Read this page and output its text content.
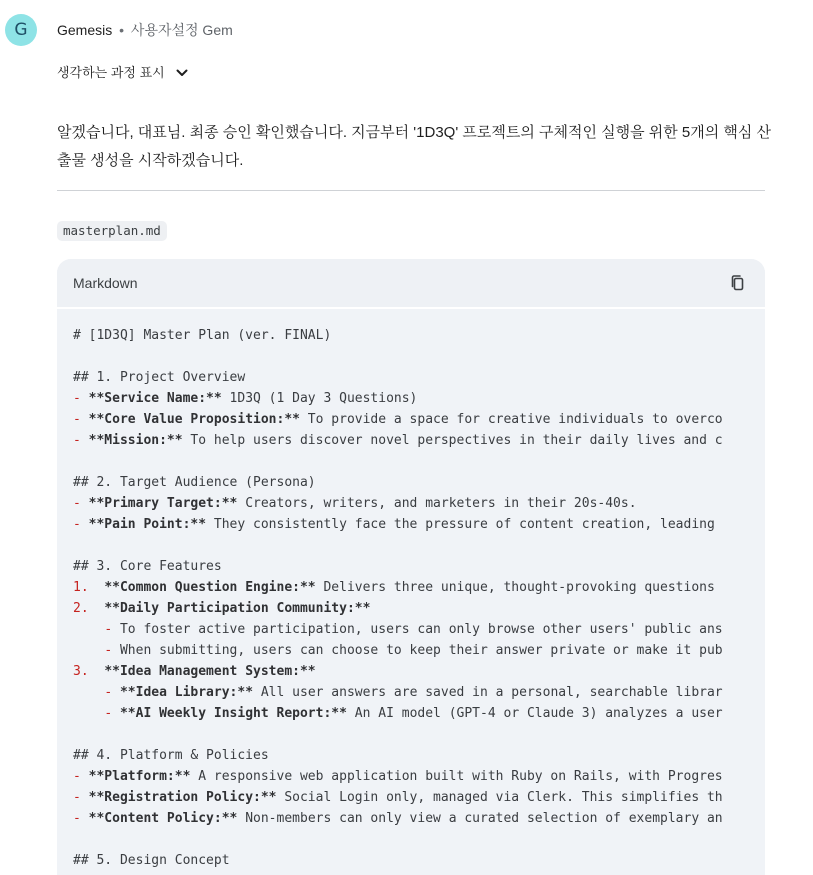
G Gemesis • 사용자설정 Gem
생각하는 과정 표시
알겠습니다, 대표님. 최종 승인 확인했습니다. 지금부터 '1D3Q' 프로젝트의 구체적인 실행을 위한 5개의 핵심 산출물 생성을 시작하겠습니다.
masterplan.md
Markdown
# [1D3Q] Master Plan (ver. FINAL)

## 1. Project Overview
- **Service Name:** 1D3Q (1 Day 3 Questions)
- **Core Value Proposition:** To provide a space for creative individuals to overco
- **Mission:** To help users discover novel perspectives in their daily lives and c

## 2. Target Audience (Persona)
- **Primary Target:** Creators, writers, and marketers in their 20s-40s.
- **Pain Point:** They consistently face the pressure of content creation, leading

## 3. Core Features
1.  **Common Question Engine:** Delivers three unique, thought-provoking questions
2.  **Daily Participation Community:**
- To foster active participation, users can only browse other users' public ans
- When submitting, users can choose to keep their answer private or make it pub
3.  **Idea Management System:**
- **Idea Library:** All user answers are saved in a personal, searchable librar
- **AI Weekly Insight Report:** An AI model (GPT-4 or Claude 3) analyzes a user

## 4. Platform & Policies
- **Platform:** A responsive web application built with Ruby on Rails, with Progres
- **Registration Policy:** Social Login only, managed via Clerk. This simplifies th
- **Content Policy:** Non-members can only view a curated selection of exemplary an

## 5. Design Concept
